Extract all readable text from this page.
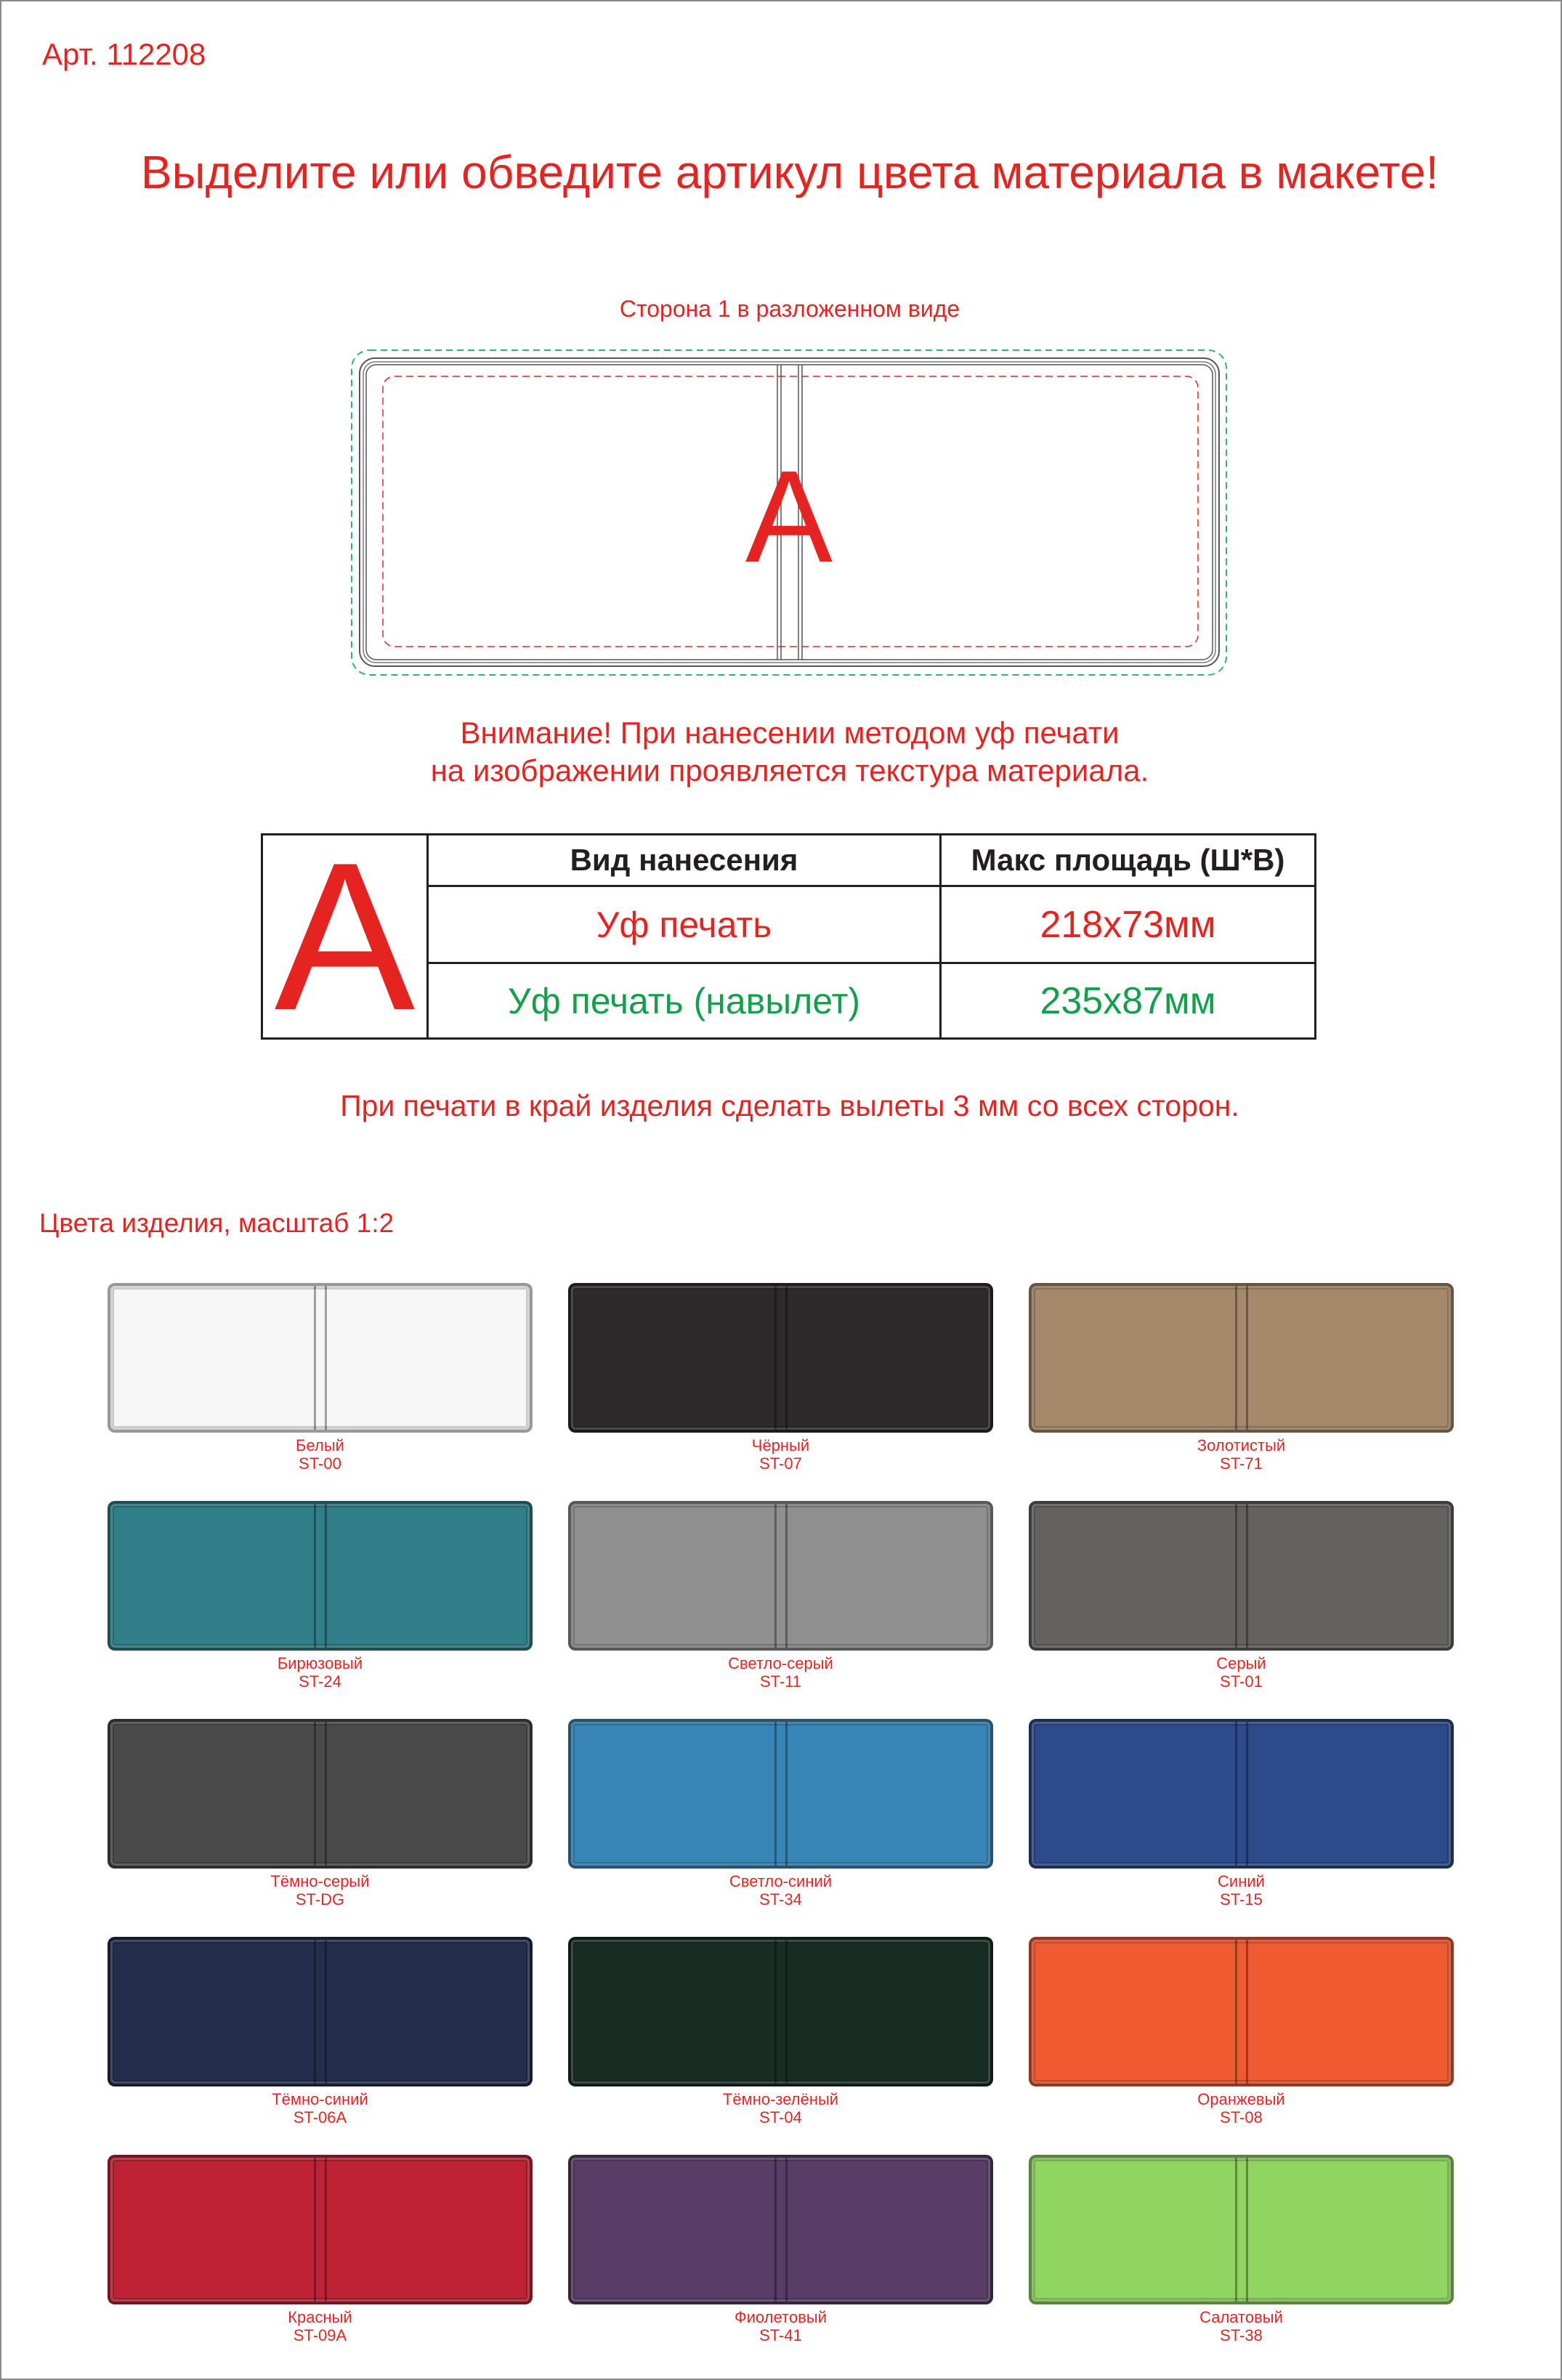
Арт. 112208
Выделите или обведите артикул цвета материала в макете!
Сторона 1 в разложенном виде
A
Внимание! При нанесении методом уф печати
на изображении проявляется текстура материала.
A	Вид нанесения	Макс площадь (Ш*В)
Уф печать	218х73мм
Уф печать (навылет)	235х87мм
При печати в край изделия сделать вылеты 3 мм со всех сторон.
Цвета изделия, масштаб 1:2
Белый
ST-00
Чёрный
ST-07
Золотистый
ST-71
Бирюзовый
ST-24
Светло-серый
ST-11
Серый
ST-01
Тёмно-серый
ST-DG
Светло-синий
ST-34
Синий
ST-15
Тёмно-синий
ST-06A
Тёмно-зелёный
ST-04
Оранжевый
ST-08
Красный
ST-09A
Фиолетовый
ST-41
Салатовый
ST-38
